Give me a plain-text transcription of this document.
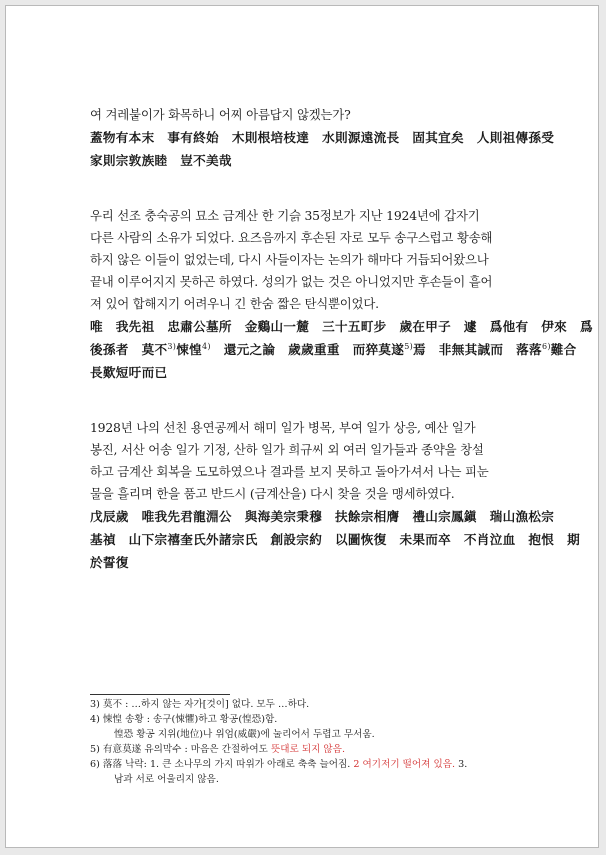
여 겨레붙이가 화목하니 어찌 아름답지 않겠는가?

蓋物有本末　事有終始　木則根培枝達　水則源遠流長　固其宜矣　人則祖傳孫受

家則宗敦族睦　豈不美哉

우리 선조 충숙공의 묘소 금계산 한 기슭 35정보가 지난 1924년에 갑자기

다른 사람의 소유가 되었다. 요즈음까지 후손된 자로 모두 송구스럽고 황송해

하지 않은 이들이 없었는데, 다시 사들이자는 논의가 해마다 거듭되어왔으나

끝내 이루어지지 못하곤 하였다. 성의가 없는 것은 아니었지만 후손들이 흩어

져 있어 합해지기 어려우니 긴 한숨 짧은 탄식뿐이었다.

唯　我先祖　忠肅公墓所　金鷄山一麓　三十五町步　歲在甲子　遽　爲他有　伊來　爲

後孫者　莫不$^{3)}$悚惶$^{4)}$　還元之論　歲歲重重　而猝莫遂$^{5)}$焉　非無其誠而　落落$^{6)}$難合

長歎短吁而已

1928년 나의 선친 용연공께서 해미 일가 병목, 부여 일가 상응, 예산 일가

봉진, 서산 어송 일가 기정, 산하 일가 희규씨 외 여러 일가들과 종약을 창설

하고 금계산 회복을 도모하였으나 결과를 보지 못하고 돌아가셔서 나는 피눈

물을 흘리며 한을 품고 반드시 (금계산을) 다시 찾을 것을 맹세하였다.

戊辰歲　唯我先君龍淵公　與海美宗秉穆　扶餘宗相膺　禮山宗鳳鎭　瑞山漁松宗

基禎　山下宗禧奎氏外諸宗氏　創設宗約　以圖恢復　未果而卒　不肖泣血　抱恨　期

於誓復

3) 莫不 : …하지 않는 자가[것이] 없다. 모두 …하다.

4) 悚惶 송황 : 송구(悚懼)하고 황공(惶恐)함.

惶恐 황공 지위(地位)나 위엄(威嚴)에 눌리어서 두렵고 무서움.

5) 有意莫遂 유의막수 : 마음은 간절하여도 뜻대로 되지 않음.

6) 落落 낙락: 1. 큰 소나무의 가지 따위가 아래로 축축 늘어짐. 2 여기저기 떨어져 있음. 3.

남과 서로 어울리지 않음.
